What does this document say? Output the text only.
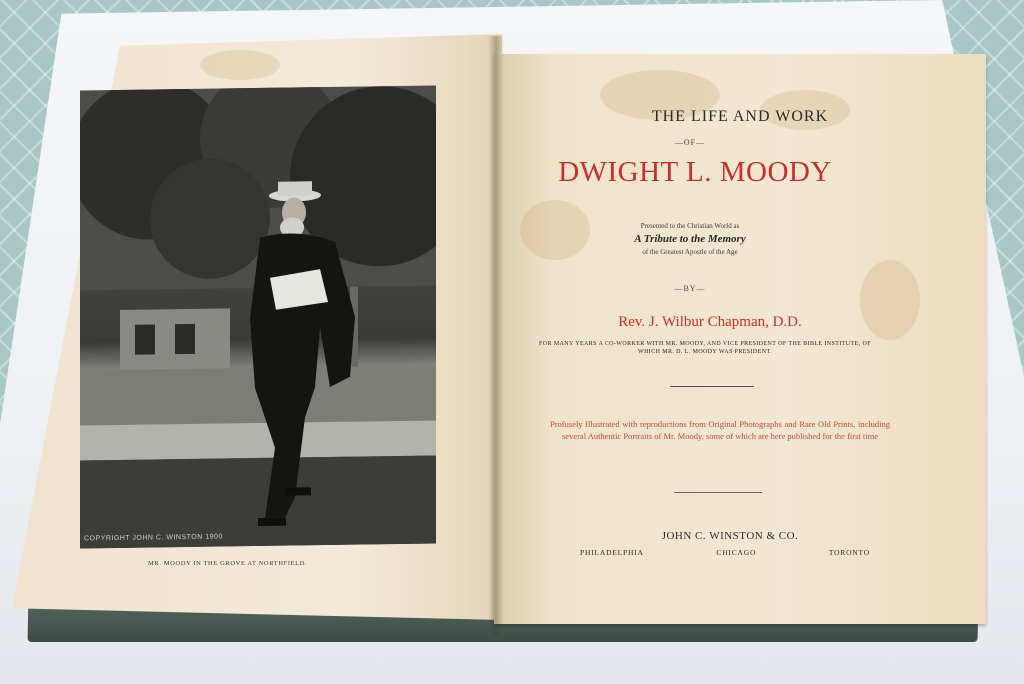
COPYRIGHT JOHN C. WINSTON 1900
MR. MOODY IN THE GROVE AT NORTHFIELD.
THE LIFE AND WORK
—OF—
DWIGHT L. MOODY
Presented to the Christian World as
A Tribute to the Memory
of the Greatest Apostle of the Age
—BY—
Rev. J. Wilbur Chapman, D.D.
FOR MANY YEARS A CO-WORKER WITH MR. MOODY, AND VICE PRESIDENT OF THE BIBLE INSTITUTE, OF WHICH MR. D. L. MOODY WAS PRESIDENT.
Profusely Illustrated with reproductions from Original Photographs and Rare Old Prints, including several Authentic Portraits of Mr. Moody, some of which are here published for the first time
JOHN C. WINSTON & CO.
PHILADELPHIA	CHICAGO	TORONTO
